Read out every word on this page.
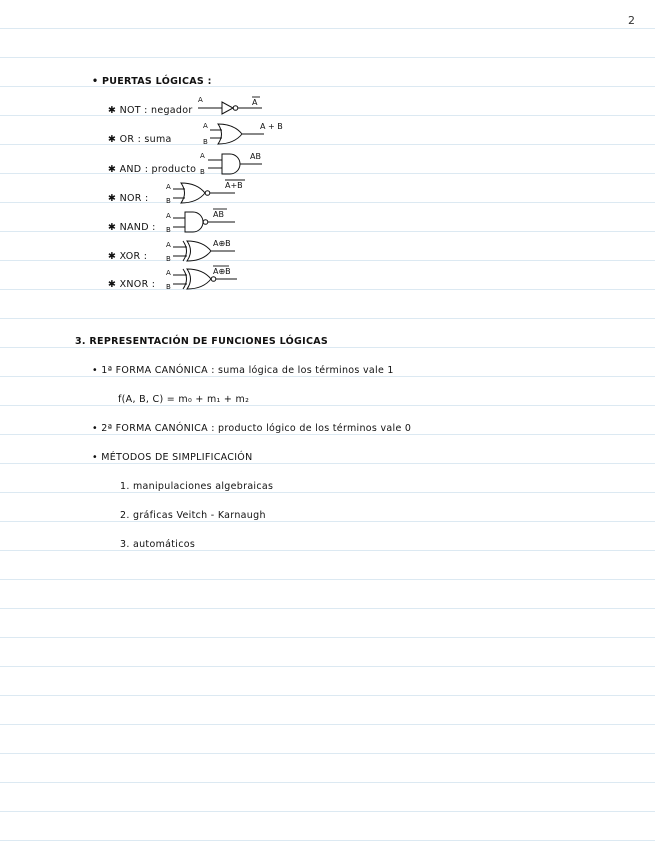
2
• PUERTAS LÓGICAS :
✱ NOT : negador
A	A
✱ OR : suma
A
B
A + B
✱ AND : producto
A
B
AB
✱ NOR :
A
B
A+B
✱ NAND :
A
B
AB
✱ XOR :
A
B
A⊕B
✱ XNOR :
A
B
A⊕B
3. REPRESENTACIÓN DE FUNCIONES LÓGICAS
• 1ª FORMA CANÓNICA : suma lógica de los términos vale 1
f(A, B, C) = m₀ + m₁ + m₂
• 2ª FORMA CANÓNICA : producto lógico de los términos vale 0
• MÉTODOS DE SIMPLIFICACIÓN
1. manipulaciones algebraicas
2. gráficas Veitch - Karnaugh
3. automáticos
